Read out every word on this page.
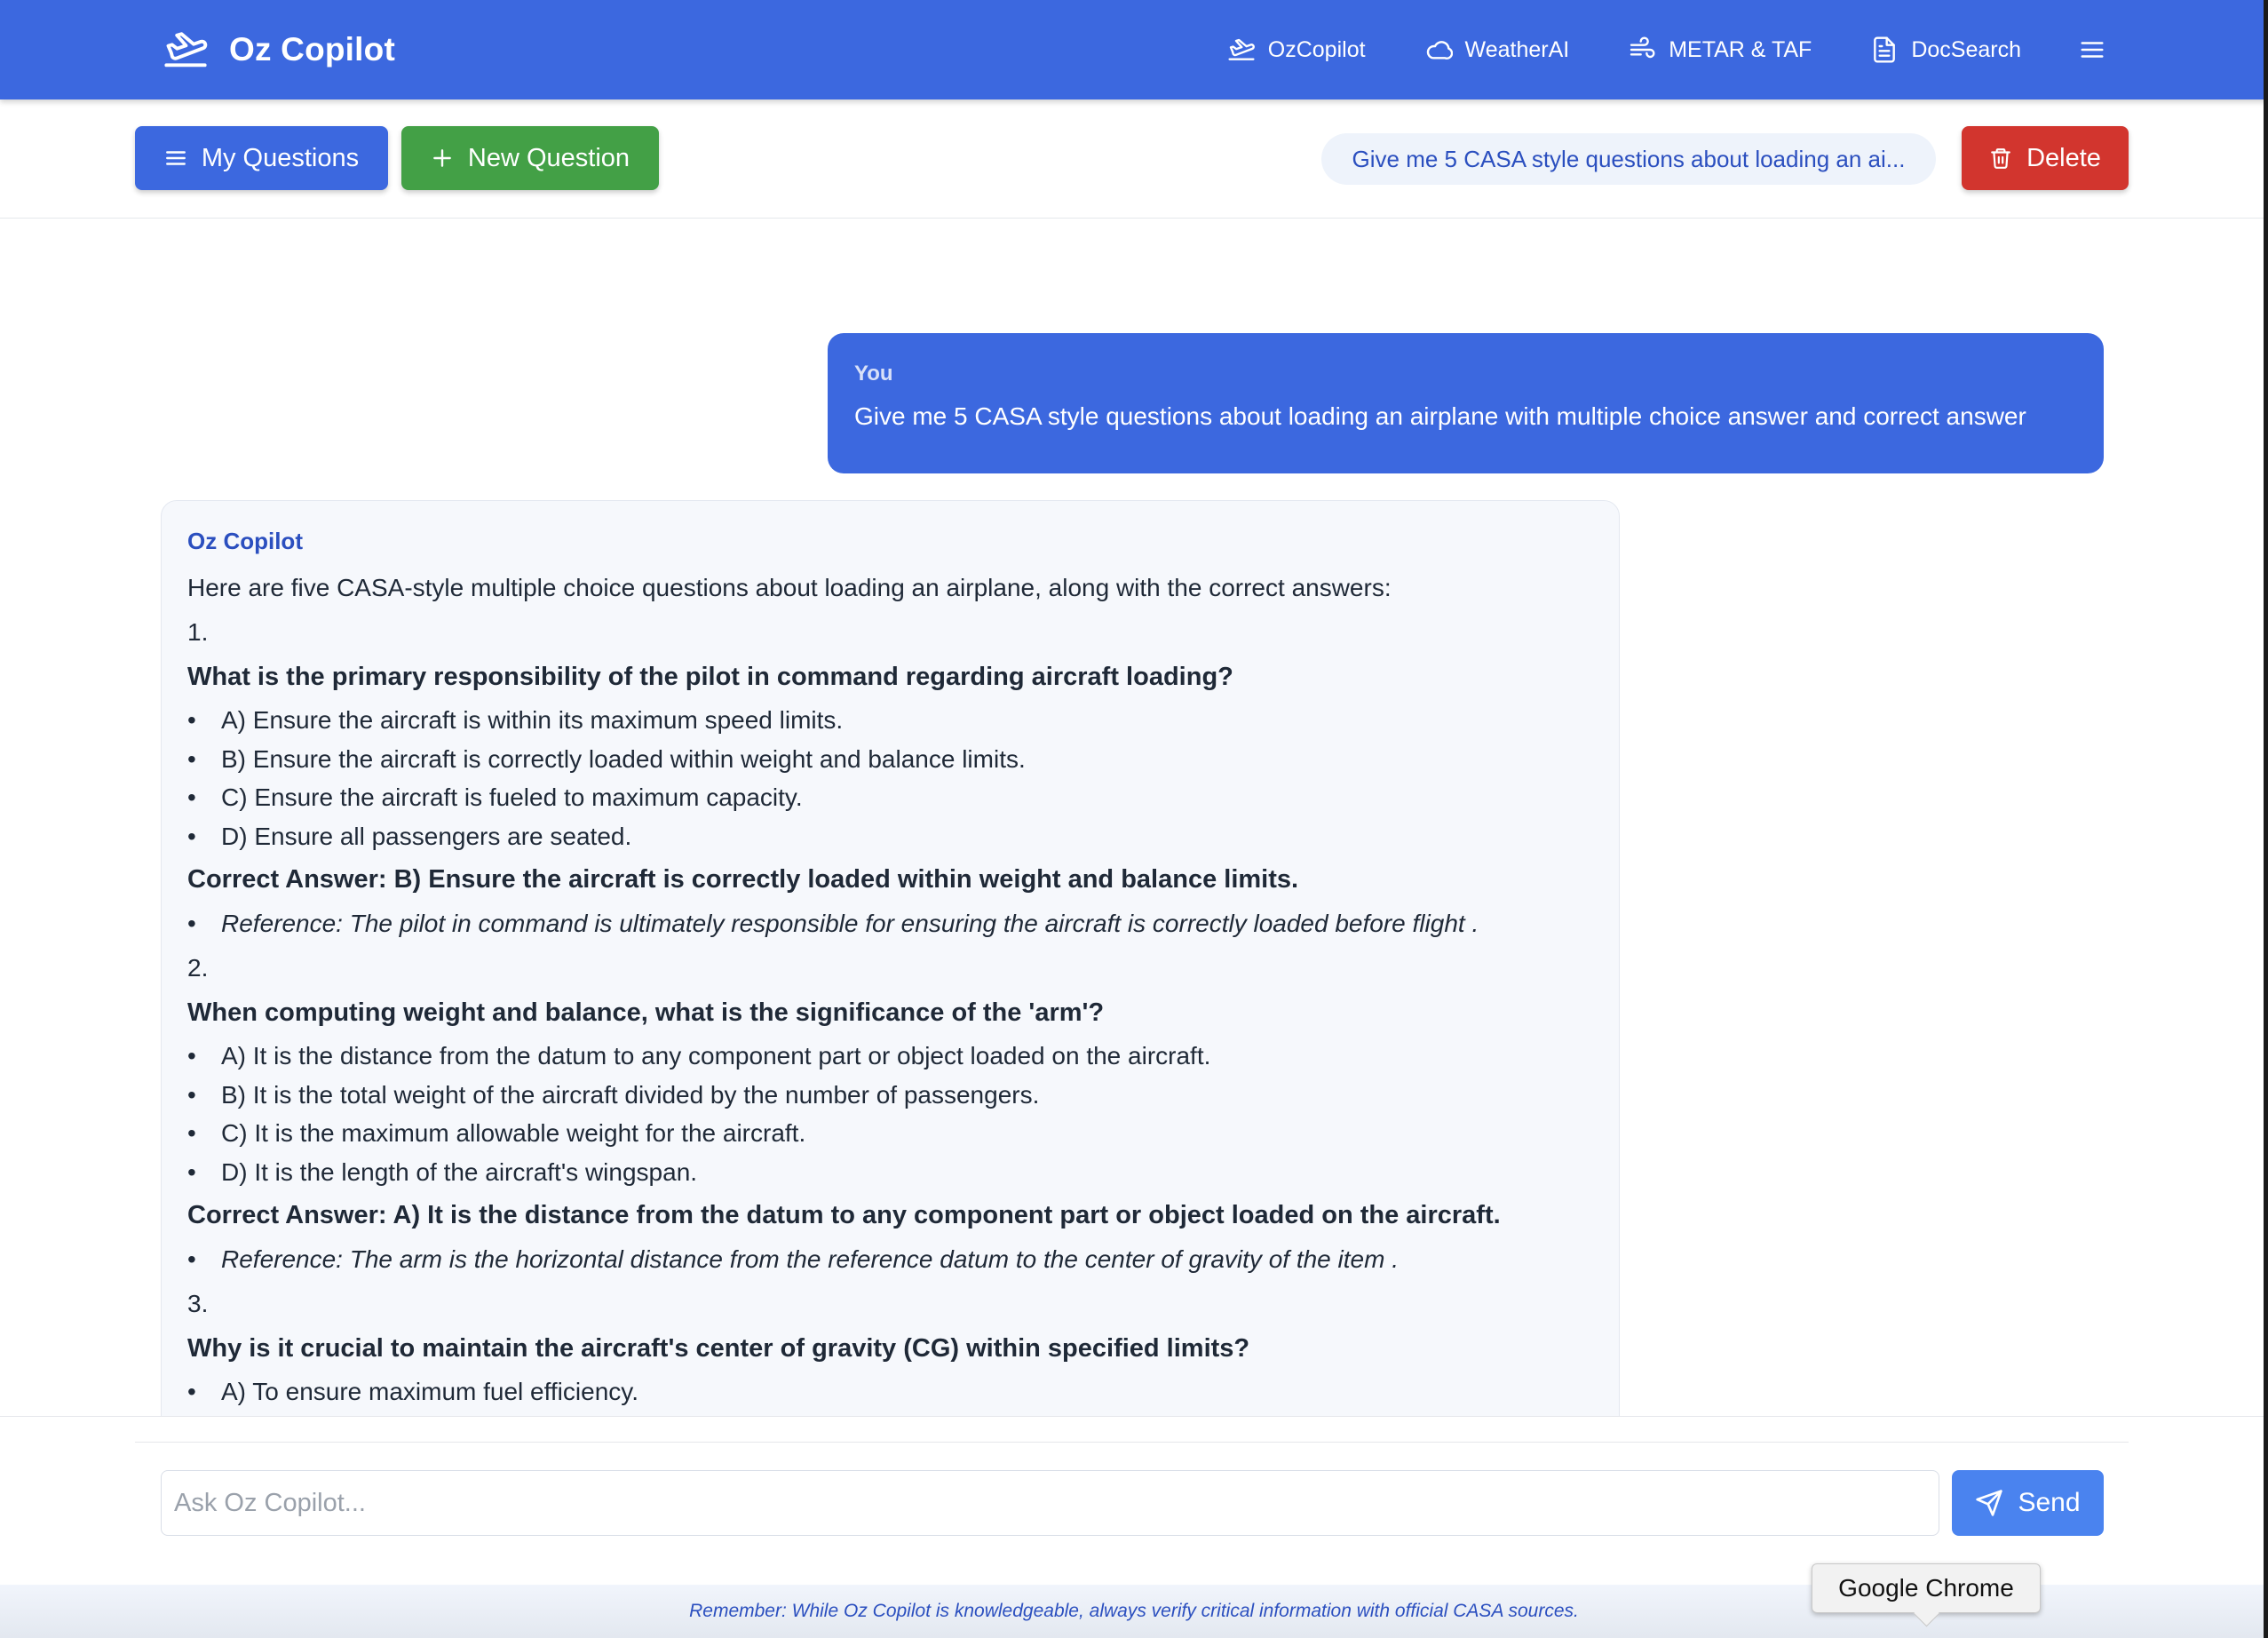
Oz Copilot	OzCopilot	WeatherAI	METAR & TAF	DocSearch
My Questions	New Question	Give me 5 CASA style questions about loading an ai...	Delete
You
Give me 5 CASA style questions about loading an airplane with multiple choice answer and correct answer
Oz Copilot
Here are five CASA-style multiple choice questions about loading an airplane, along with the correct answers:
1.
What is the primary responsibility of the pilot in command regarding aircraft loading?
• A) Ensure the aircraft is within its maximum speed limits.
• B) Ensure the aircraft is correctly loaded within weight and balance limits.
• C) Ensure the aircraft is fueled to maximum capacity.
• D) Ensure all passengers are seated.
Correct Answer: B) Ensure the aircraft is correctly loaded within weight and balance limits.
• Reference: The pilot in command is ultimately responsible for ensuring the aircraft is correctly loaded before flight .
2.
When computing weight and balance, what is the significance of the 'arm'?
• A) It is the distance from the datum to any component part or object loaded on the aircraft.
• B) It is the total weight of the aircraft divided by the number of passengers.
• C) It is the maximum allowable weight for the aircraft.
• D) It is the length of the aircraft's wingspan.
Correct Answer: A) It is the distance from the datum to any component part or object loaded on the aircraft.
• Reference: The arm is the horizontal distance from the reference datum to the center of gravity of the item .
3.
Why is it crucial to maintain the aircraft's center of gravity (CG) within specified limits?
• A) To ensure maximum fuel efficiency.
Ask Oz Copilot...
Send
Remember: While Oz Copilot is knowledgeable, always verify critical information with official CASA sources.
Google Chrome
